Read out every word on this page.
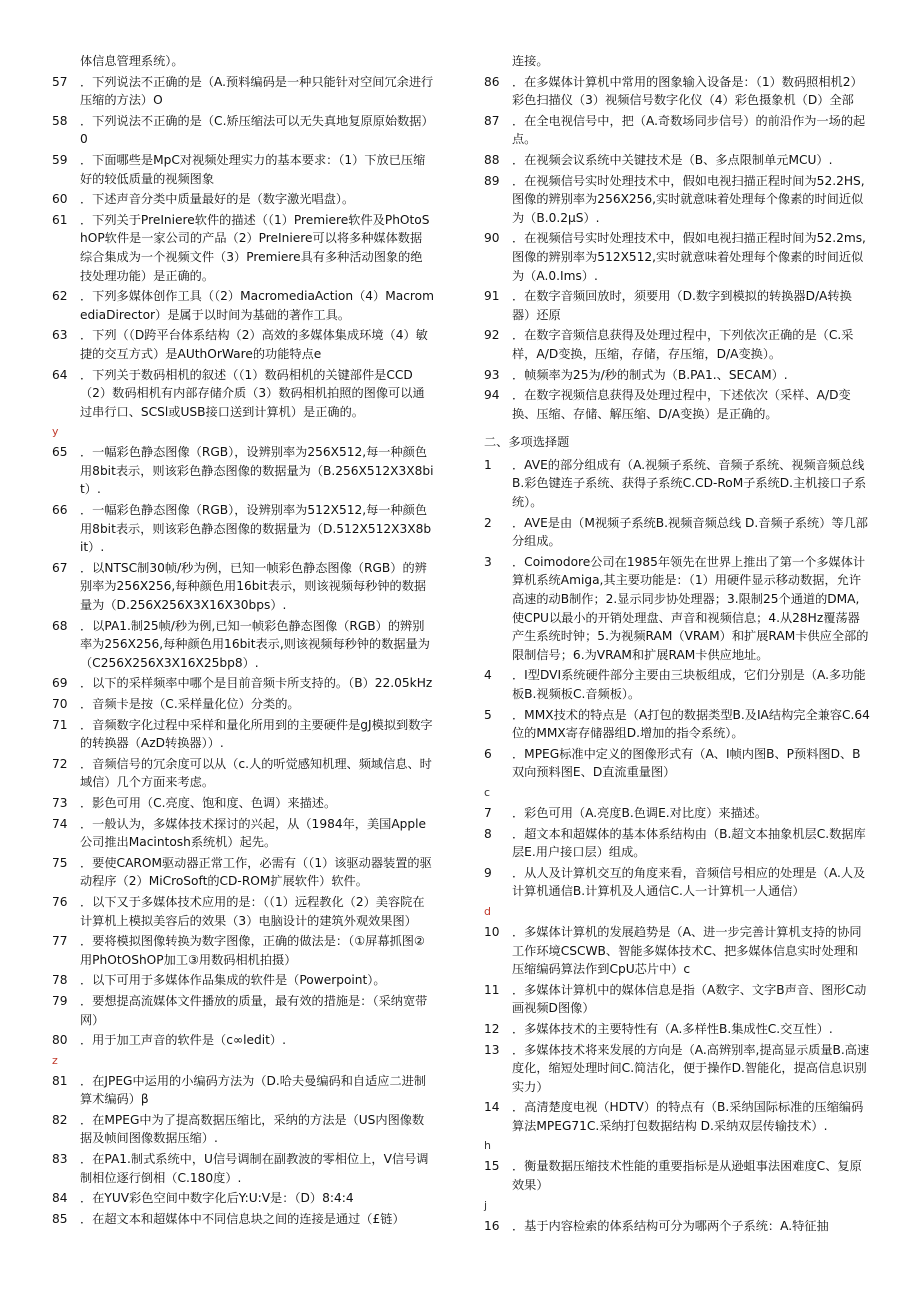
体信息管理系统）。
57	．下列说法不正确的是（A.预料编码是一种只能针对空间冗余进行压缩的方法）O
58	．下列说法不正确的是（C.矫压缩法可以无失真地复原原始数据）0
59	．下面哪些是MpC对视频处理实力的基本要求：（1）下放已压缩好的较低质量的视频图象
60	．下述声音分类中质量最好的是（数字激光唱盘）。
61	．下列关于PreIniere软件的描述（（1）Premiere软件及PhOtoShOP软件是一家公司的产品（2）PreIniere可以将多种媒体数据综合集成为一个视频文件（3）Premiere具有多种活动图象的绝技处理功能）是正确的。
62	．下列多媒体创作工具（（2）MacromediaAction（4）MacromediaDirector）是属于以时间为基础的著作工具。
63	．下列（（D跨平台体系结构（2）高效的多媒体集成环境（4）敏捷的交互方式）是AUthOrWare的功能特点e
64	．下列关于数码相机的叙述（（1）数码相机的关键部件是CCD（2）数码相机有内部存储介质（3）数码相机拍照的图像可以通过串行口、SCSl或USB接口送到计算机）是正确的。
y
65	．一幅彩色静态图像（RGB），设辨别率为256X512,每一种颜色用8bit表示，则该彩色静态图像的数据量为（B.256X512X3X8bit）.
66	．一幅彩色静态图像（RGB），设辨别率为512X512,每一种颜色用8bit表示，则该彩色静态图像的数据量为（D.512X512X3X8bit）.
67	．以NTSC制30帧/秒为例，已知一帧彩色静态图像（RGB）的辨别率为256X256,每种颜色用16bit表示，则该视频每秒钟的数据量为（D.256X256X3X16X30bps）.
68	．以PA1.制25帧/秒为例,已知一帧彩色静态图像（RGB）的辨别率为256X256,每种颜色用16bit表示,则该视频每秒钟的数据量为（C256X256X3X16X25bp8）.
69	．以下的采样频率中哪个是目前音频卡所支持的。（B）22.05kHz
70	．音频卡是按（C.采样量化位）分类的。
71	．音频数字化过程中采样和量化所用到的主要硬件是gJ模拟到数字的转换器（AzD转换器））.
72	．音频信号的冗余度可以从（c.人的听觉感知机理、频域信息、时域信）几个方面来考虑。
73	．影色可用（C.亮度、饱和度、色调）来描述。
74	．一般认为，多媒体技术探讨的兴起，从（1984年，美国Apple公司推出Macintosh系统机）起先。
75	．要使CAROM驱动器正常工作，必需有（（1）该驱动器装置的驱动程序（2）MiCroSoft的CD-ROM扩展软件）软件。
76	．以下又于多媒体技术应用的是：（（1）远程教化（2）美容院在计算机上模拟美容后的效果（3）电脑设计的建筑外观效果图）
77	．要将模拟图像转换为数字图像，正确的做法是：（①屏幕抓图②用PhOtOShOP加工③用数码相机拍摄）
78	．以下可用于多媒体作品集成的软件是（Powerpoint）。
79	．要想提高流媒体文件播放的质量，最有效的措施是：（采纳宽带网）
80	．用于加工声音的软件是（c∞ledit）.
z
81	．在JPEG中运用的小编码方法为（D.哈夫曼编码和自适应二进制算术编码）β
82	．在MPEG中为了提高数据压缩比，采纳的方法是（US内图像数据及帧间图像数据压缩）.
83	．在PA1.制式系统中，U信号调制在副教波的零相位上，V信号调制相位逐行倒相（C.180度）.
84	．在YUV彩色空间中数字化后Y:U:V是：（D）8:4:4
85	．在超文本和超媒体中不同信息块之间的连接是通过（£链）
连接。
86	．在多媒体计算机中常用的图象输入设备是：（1）数码照相机2）彩色扫描仪（3）视频信号数字化仪（4）彩色摄象机（D）全部
87	．在全电视信号中，把（A.奇数场同步信号）的前沿作为一场的起点。
88	．在视频会议系统中关键技术是（B、多点限制单元MCU）.
89	．在视频信号实时处理技术中，假如电视扫描正程时间为52.2HS,图像的辨别率为256X256,实时就意味着处理每个像素的时间近似为（B.0.2μS）.
90	．在视频信号实时处理技术中，假如电视扫描正程时间为52.2ms,图像的辨别率为512X512,实时就意味着处理每个像素的时间近似为（A.0.Ims）.
91	．在数字音频回放时，须要用（D.数字到模拟的转换器D/A转换器）还原
92	．在数字音频信息获得及处理过程中，下列依次正确的是（C.采样，A/D变换，压缩，存储，存压缩，D/A变换）。
93	．帧频率为25为/秒的制式为（B.PA1.、SECAM）.
94	．在数字视频信息获得及处理过程中，下述依次（采样、A/D变换、压缩、存储、解压缩、D/A变换）是正确的。
二、多项选择题
1	．AVE的部分组成有（A.视频子系统、音频子系统、视频音频总线B.彩色键连子系统、获得子系统C.CD-RoM子系统D.主机接口子系统）。
2	．AVE是由（M视频子系统B.视频音频总线 D.音频子系统）等几部分组成。
3	．Coimodore公司在1985年领先在世界上推出了第一个多媒体计算机系统Amiga,其主要功能是：（1）用硬件显示移动数据，允许高速的动B制作；2.显示同步协处理器；3.限制25个通道的DMA,使CPU以最小的开销处理盘、声音和视频信息；4.从28Hz覆荡器产生系统时钟；5.为视频RAM（VRAM）和扩展RAM卡供应全部的限制信号；6.为VRAM和扩展RAM卡供应地址。
4	．I型DVI系统硬件部分主要由三块板组成，它们分别是（A.多功能板B.视频板C.音频板）。
5	．MMX技术的特点是（A打包的数据类型B.及IA结构完全兼容C.64位的MMX寄存储器组D.增加的指令系统）。
6	．MPEG标准中定义的图像形式有（A、I帧内图B、P预料图D、B双向预料图E、D直流重量图）
c
7	．彩色可用（A.亮度B.色调E.对比度）来描述。
8	．超文本和超媒体的基本体系结构由（B.超文本抽象机层C.数据库层E.用户接口层）组成。
9	．从人及计算机交互的角度来看，音频信号相应的处理是（A.人及计算机通信B.计算机及人通信C.人一计算机一人通信）
d
10	．多媒体计算机的发展趋势是（A、进一步完善计算机支持的协同工作环境CSCWB、智能多媒体技术C、把多媒体信息实时处理和压缩编码算法作到CpU芯片中）c
11	．多媒体计算机中的媒体信息是指（A数字、文字B声音、图形C动画视频D图像）
12	．多媒体技术的主要特性有（A.多样性B.集成性C.交互性）.
13	．多媒体技术将来发展的方向是（A.高辨别率,提高显示质量B.高速度化，缩短处理时间C.简洁化，便于操作D.智能化，提高信息识别实力）
14	．高清楚度电视（HDTV）的特点有（B.采纳国际标准的压缩编码算法MPEG71C.采纳打包数据结构 D.采纳双层传输技术）.
h
15	．衡量数据压缩技术性能的重要指标是从逊蛆事法困难度C、复原效果）
j
16	．基于内容检索的体系结构可分为哪两个子系统：A.特征抽
